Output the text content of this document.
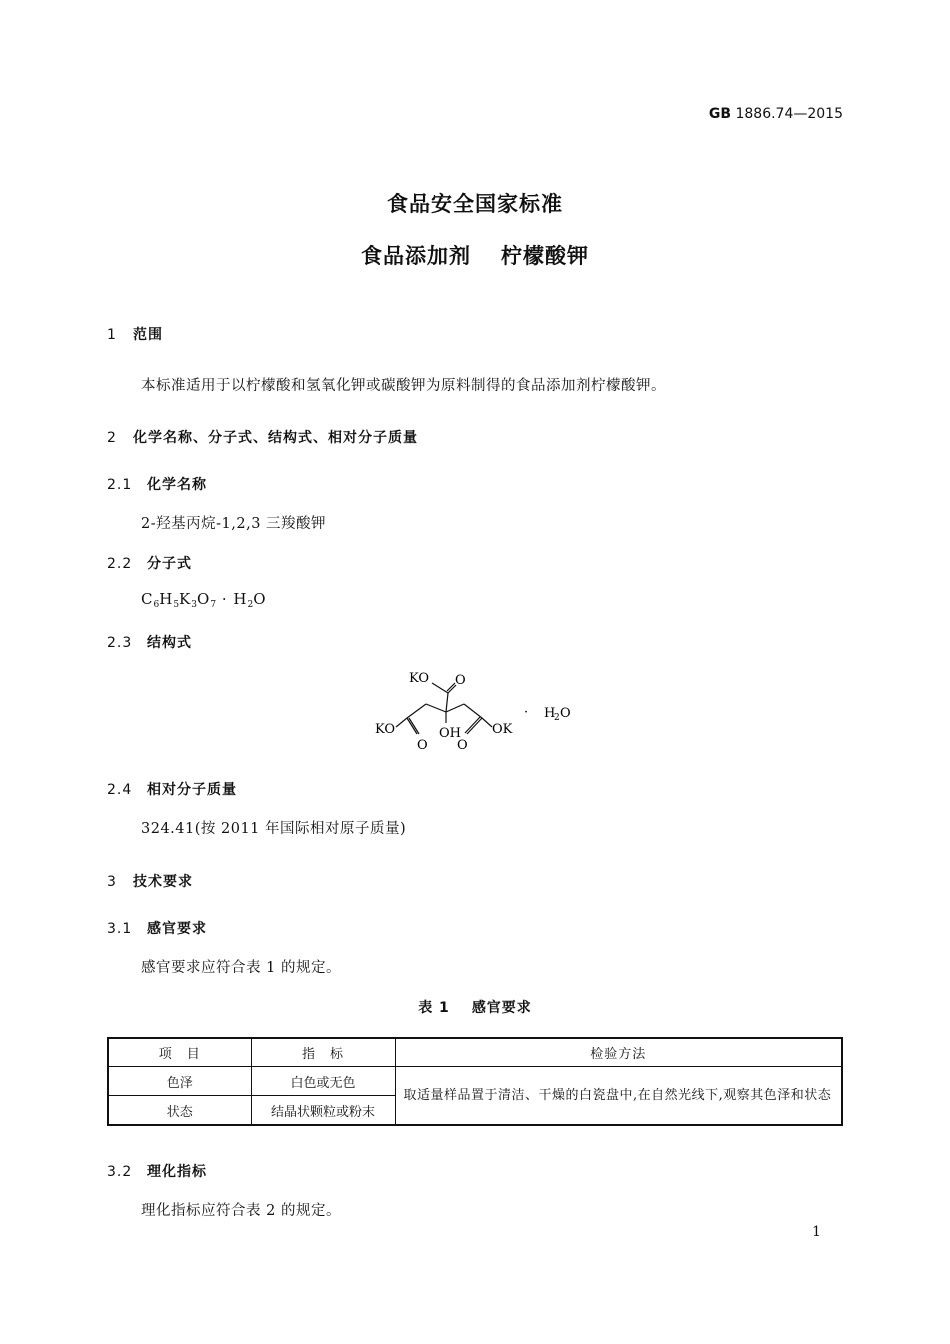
GB 1886.74—2015
食品安全国家标准
食品添加剂 柠檬酸钾
1 范围
本标准适用于以柠檬酸和氢氧化钾或碳酸钾为原料制得的食品添加剂柠檬酸钾。
2 化学名称、分子式、结构式、相对分子质量
2.1 化学名称
2-羟基丙烷-1,2,3 三羧酸钾
2.2 分子式
$C_6H_5K_3O_7 \cdot H_2O$
2.3 结构式
KO O
KO
O
OH
O
OK
· H
2 O
2.4 相对分子质量
324.41(按 2011 年国际相对原子质量)
3 技术要求
3.1 感官要求
感官要求应符合表 1 的规定。
表 1 感官要求
项　目	指　标	检验方法
色泽	白色或无色	取适量样品置于清洁、干燥的白瓷盘中,在自然光线下,观察其色泽和状态
状态	结晶状颗粒或粉末	
3.2 理化指标
理化指标应符合表 2 的规定。
1
